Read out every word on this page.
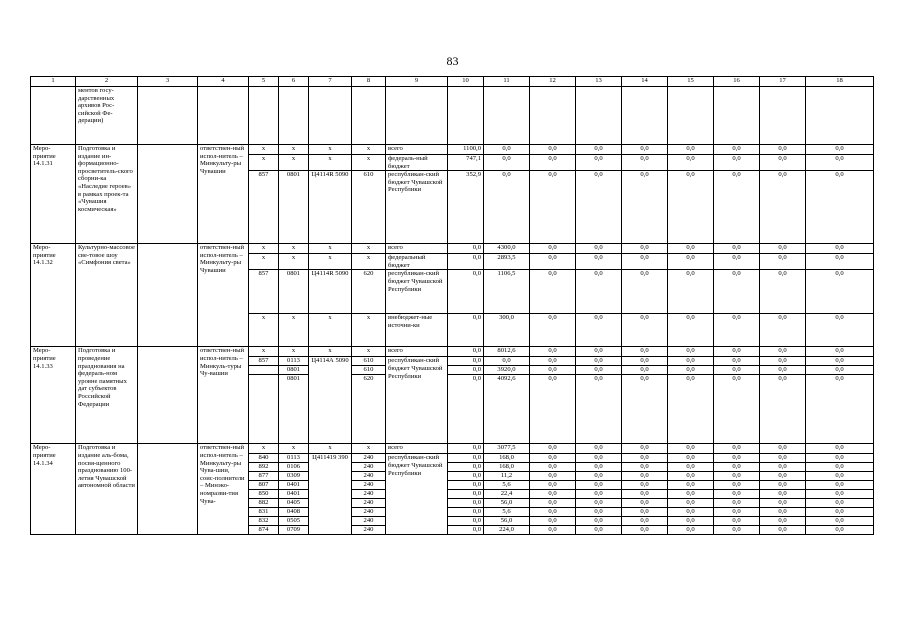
83
1	2	3	4	5	6	7	8	9	10	11	12	13	14	15	16	17	18
	ментов госу-дарственных архивов Рос-сийской Фе-дерации)																
Меро-приятие 14.1.31	Подготовка и издание ин-формационно-просветитель-ского сборни-ка «Наследие героев» в рамках проек-та «Чувашия космическая»		ответствен-ный испол-нитель – Минкульту-ры Чувашии	x	x	x	x	всего	1100,0	0,0	0,0	0,0	0,0	0,0	0,0	0,0	0,0
				x	x	x	x	федераль-ный бюджет	747,1	0,0	0,0	0,0	0,0	0,0	0,0	0,0	0,0
				857	0801	Ц4114R 5090	610	республикан-ский бюджет Чувашской Республики	352,9	0,0	0,0	0,0	0,0	0,0	0,0	0,0	0,0
Меро-приятие 14.1.32	Культурно-массовое све-товое шоу «Симфония света»		ответствен-ный испол-нитель – Минкульту-ры Чувашии	x	x	x	x	всего	0,0	4300,0	0,0	0,0	0,0	0,0	0,0	0,0	0,0
				x	x	x	x	федеральный бюджет	0,0	2893,5	0,0	0,0	0,0	0,0	0,0	0,0	0,0
				857	0801	Ц4114R 5090	620	республикан-ский бюджет Чувашской Республики	0,0	1106,5	0,0	0,0	0,0	0,0	0,0	0,0	0,0
				x	x	x	x	внебюджет-ные источни-ки	0,0	300,0	0,0	0,0	0,0	0,0	0,0	0,0	0,0
Меро-приятие 14.1.33	Подготовка и проведение празднования на федераль-ном уровне памятных дат субъектов Российской Федерации		ответствен-ный испол-нитель – Минкуль-туры Чу-вашии	x	x	x	x	всего	0,0	8012,6	0,0	0,0	0,0	0,0	0,0	0,0	0,0
				857	0113	Ц4114А 5090	610	республикан-ский бюджет Чувашской Республики	0,0	0,0	0,0	0,0	0,0	0,0	0,0	0,0	0,0
					0801		610		0,0	3920,0	0,0	0,0	0,0	0,0	0,0	0,0	0,0
					0801		620		0,0	4092,6	0,0	0,0	0,0	0,0	0,0	0,0	0,0
Меро-приятие 14.1.34	Подготовка и издание аль-бома, посвя-щенного празднованию 100-летия Чувашской автономной области		ответствен-ный испол-нитель – Минкульту-ры Чува-шии, соис-полнители – Минэко-номразви-тия Чува-	x	x	x	x	всего	0,0	3077,5	0,0	0,0	0,0	0,0	0,0	0,0	0,0
				840	0113	Ц411419 390	240	республикан-ский бюджет Чувашской Республики	0,0	168,0	0,0	0,0	0,0	0,0	0,0	0,0	0,0
				892	0106		240		0,0	168,0	0,0	0,0	0,0	0,0	0,0	0,0	0,0
				877	0309		240		0,0	11,2	0,0	0,0	0,0	0,0	0,0	0,0	0,0
				807	0401		240		0,0	5,6	0,0	0,0	0,0	0,0	0,0	0,0	0,0
				850	0401		240		0,0	22,4	0,0	0,0	0,0	0,0	0,0	0,0	0,0
				882	0405		240		0,0	56,0	0,0	0,0	0,0	0,0	0,0	0,0	0,0
				831	0408		240		0,0	5,6	0,0	0,0	0,0	0,0	0,0	0,0	0,0
				832	0505		240		0,0	56,0	0,0	0,0	0,0	0,0	0,0	0,0	0,0
				874	0709		240		0,0	224,0	0,0	0,0	0,0	0,0	0,0	0,0	0,0
